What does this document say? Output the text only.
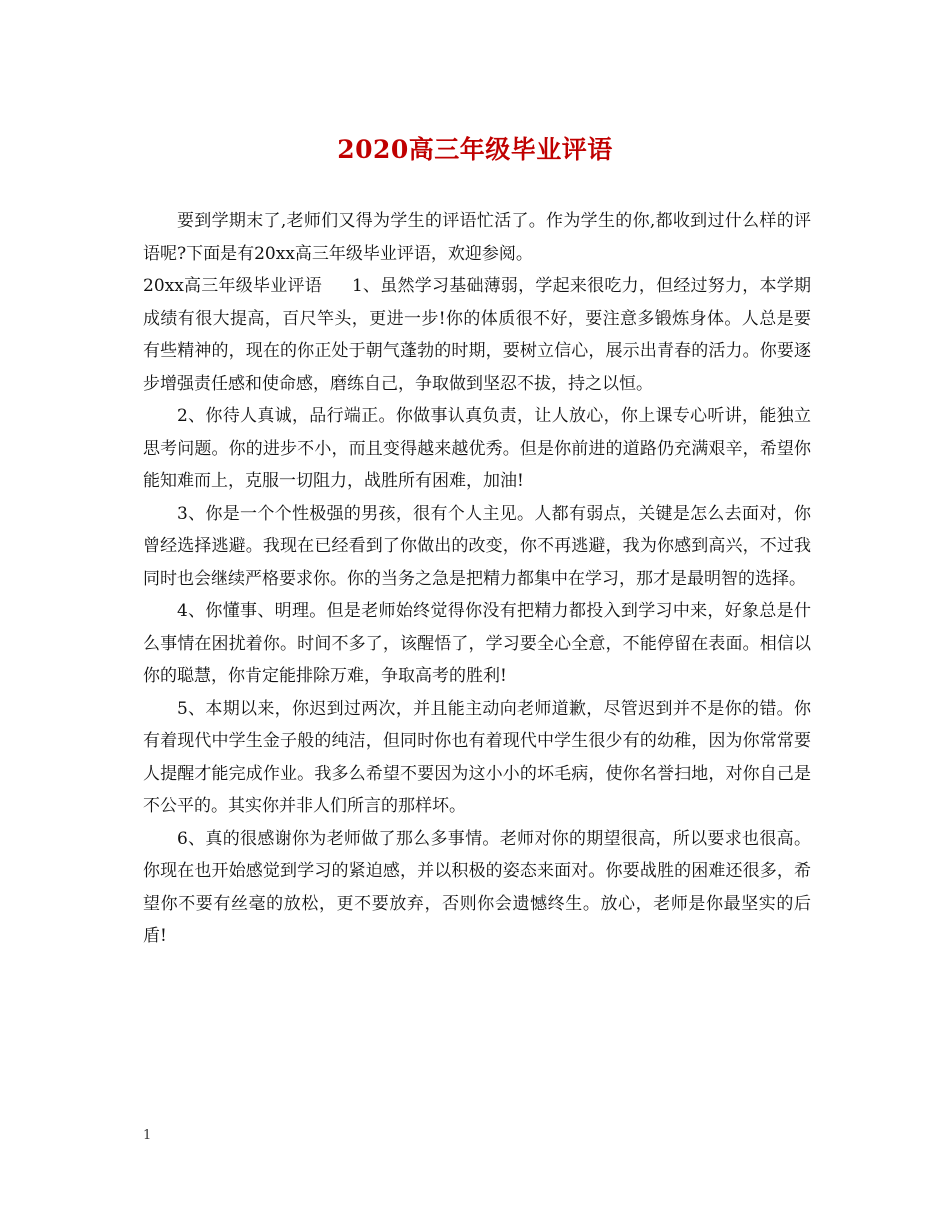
2020高三年级毕业评语

要到学期末了,老师们又得为学生的评语忙活了。作为学生的你,都收到过什么样的评语呢?下面是有20xx高三年级毕业评语，欢迎参阅。

20xx高三年级毕业评语 1、虽然学习基础薄弱，学起来很吃力，但经过努力，本学期成绩有很大提高，百尺竿头，更进一步!你的体质很不好，要注意多锻炼身体。人总是要有些精神的，现在的你正处于朝气蓬勃的时期，要树立信心，展示出青春的活力。你要逐步增强责任感和使命感，磨练自己，争取做到坚忍不拔，持之以恒。

2、你待人真诚，品行端正。你做事认真负责，让人放心，你上课专心听讲，能独立思考问题。你的进步不小，而且变得越来越优秀。但是你前进的道路仍充满艰辛，希望你能知难而上，克服一切阻力，战胜所有困难，加油!

3、你是一个个性极强的男孩，很有个人主见。人都有弱点，关键是怎么去面对，你曾经选择逃避。我现在已经看到了你做出的改变，你不再逃避，我为你感到高兴，不过我同时也会继续严格要求你。你的当务之急是把精力都集中在学习，那才是最明智的选择。

4、你懂事、明理。但是老师始终觉得你没有把精力都投入到学习中来，好象总是什么事情在困扰着你。时间不多了，该醒悟了，学习要全心全意，不能停留在表面。相信以你的聪慧，你肯定能排除万难，争取高考的胜利!

5、本期以来，你迟到过两次，并且能主动向老师道歉，尽管迟到并不是你的错。你有着现代中学生金子般的纯洁，但同时你也有着现代中学生很少有的幼稚，因为你常常要人提醒才能完成作业。我多么希望不要因为这小小的坏毛病，使你名誉扫地，对你自己是不公平的。其实你并非人们所言的那样坏。

6、真的很感谢你为老师做了那么多事情。老师对你的期望很高，所以要求也很高。你现在也开始感觉到学习的紧迫感，并以积极的姿态来面对。你要战胜的困难还很多，希望你不要有丝毫的放松，更不要放弃，否则你会遗憾终生。放心，老师是你最坚实的后盾!

1
